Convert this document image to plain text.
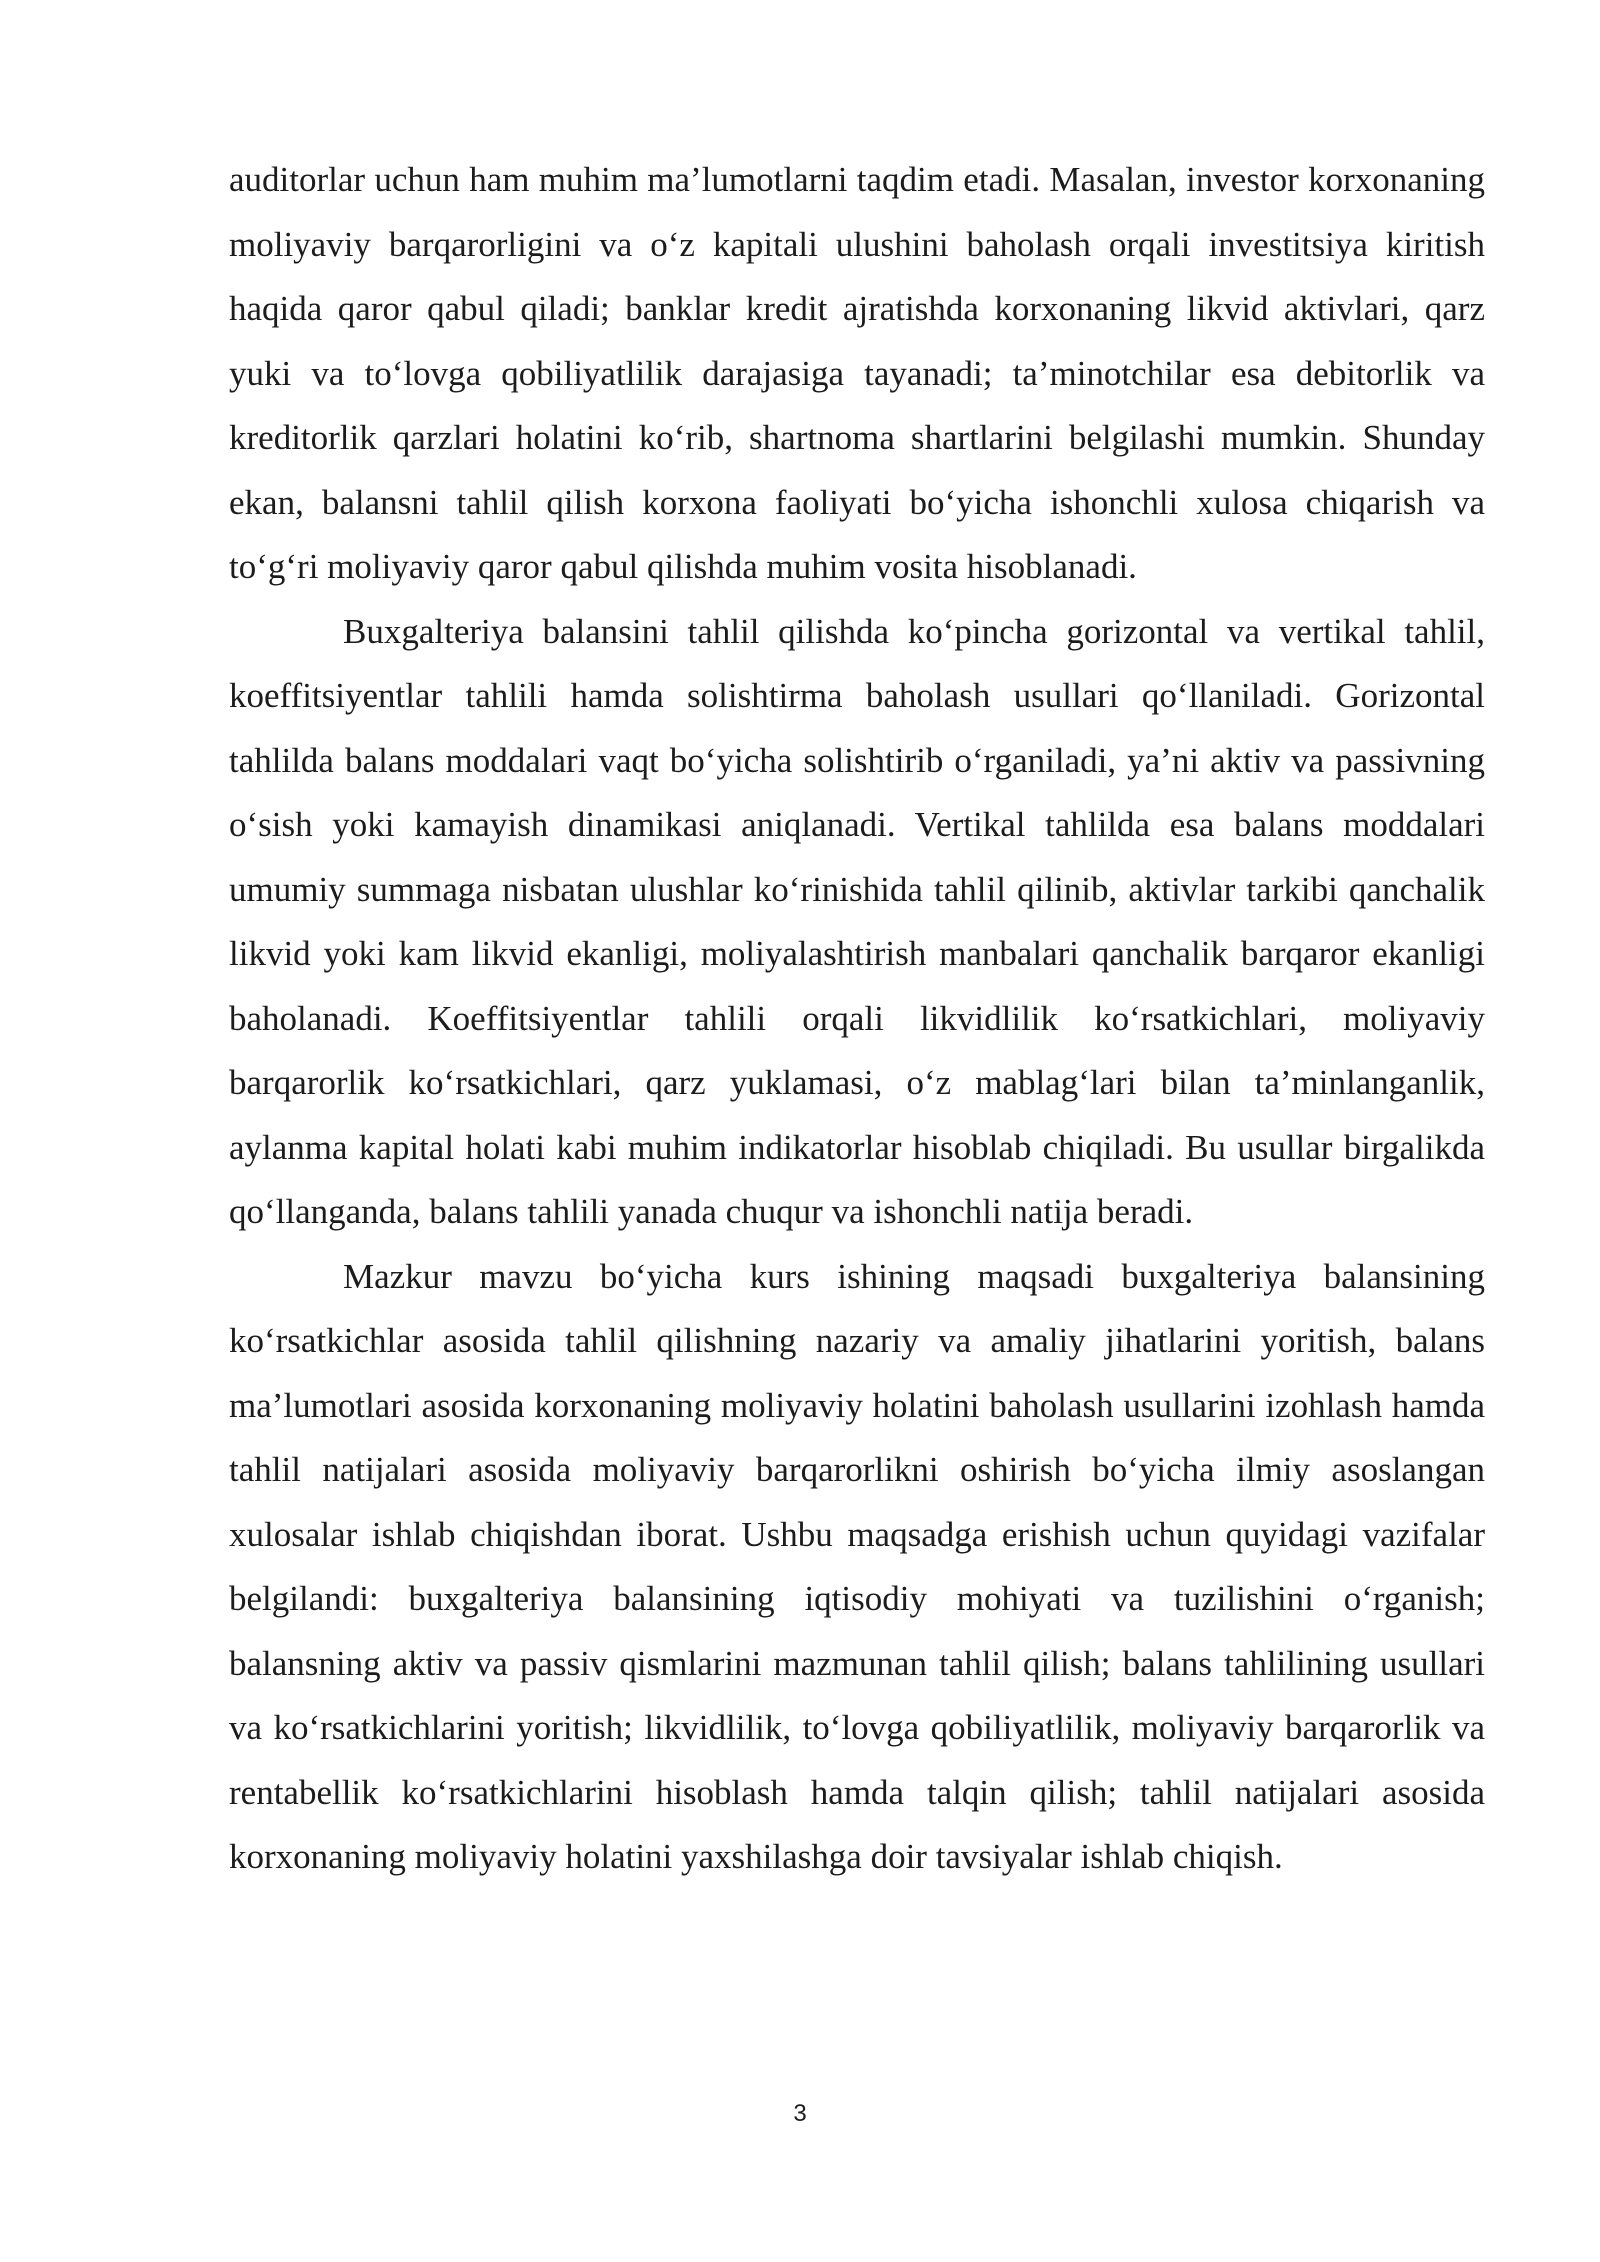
auditorlar uchun ham muhim ma’lumotlarni taqdim etadi. Masalan, investor korxonaning moliyaviy barqarorligini va o‘z kapitali ulushini baholash orqali investitsiya kiritish haqida qaror qabul qiladi; banklar kredit ajratishda korxonaning likvid aktivlari, qarz yuki va to‘lovga qobiliyatlilik darajasiga tayanadi; ta’minotchilar esa debitorlik va kreditorlik qarzlari holatini ko‘rib, shartnoma shartlarini belgilashi mumkin. Shunday ekan, balansni tahlil qilish korxona faoliyati bo‘yicha ishonchli xulosa chiqarish va to‘g‘ri moliyaviy qaror qabul qilishda muhim vosita hisoblanadi.

Buxgalteriya balansini tahlil qilishda ko‘pincha gorizontal va vertikal tahlil, koeffitsiyentlar tahlili hamda solishtirma baholash usullari qo‘llaniladi. Gorizontal tahlilda balans moddalari vaqt bo‘yicha solishtirib o‘rganiladi, ya’ni aktiv va passivning o‘sish yoki kamayish dinamikasi aniqlanadi. Vertikal tahlilda esa balans moddalari umumiy summaga nisbatan ulushlar ko‘rinishida tahlil qilinib, aktivlar tarkibi qanchalik likvid yoki kam likvid ekanligi, moliyalashtirish manbalari qanchalik barqaror ekanligi baholanadi. Koeffitsiyentlar tahlili orqali likvidlilik ko‘rsatkichlari, moliyaviy barqarorlik ko‘rsatkichlari, qarz yuklamasi, o‘z mablag‘lari bilan ta’minlanganlik, aylanma kapital holati kabi muhim indikatorlar hisoblab chiqiladi. Bu usullar birgalikda qo‘llanganda, balans tahlili yanada chuqur va ishonchli natija beradi.

Mazkur mavzu bo‘yicha kurs ishining maqsadi buxgalteriya balansining ko‘rsatkichlar asosida tahlil qilishning nazariy va amaliy jihatlarini yoritish, balans ma’lumotlari asosida korxonaning moliyaviy holatini baholash usullarini izohlash hamda tahlil natijalari asosida moliyaviy barqarorlikni oshirish bo‘yicha ilmiy asoslangan xulosalar ishlab chiqishdan iborat. Ushbu maqsadga erishish uchun quyidagi vazifalar belgilandi: buxgalteriya balansining iqtisodiy mohiyati va tuzilishini o‘rganish; balansning aktiv va passiv qismlarini mazmunan tahlil qilish; balans tahlilining usullari va ko‘rsatkichlarini yoritish; likvidlilik, to‘lovga qobiliyatlilik, moliyaviy barqarorlik va rentabellik ko‘rsatkichlarini hisoblash hamda talqin qilish; tahlil natijalari asosida korxonaning moliyaviy holatini yaxshilashga doir tavsiyalar ishlab chiqish.

3
